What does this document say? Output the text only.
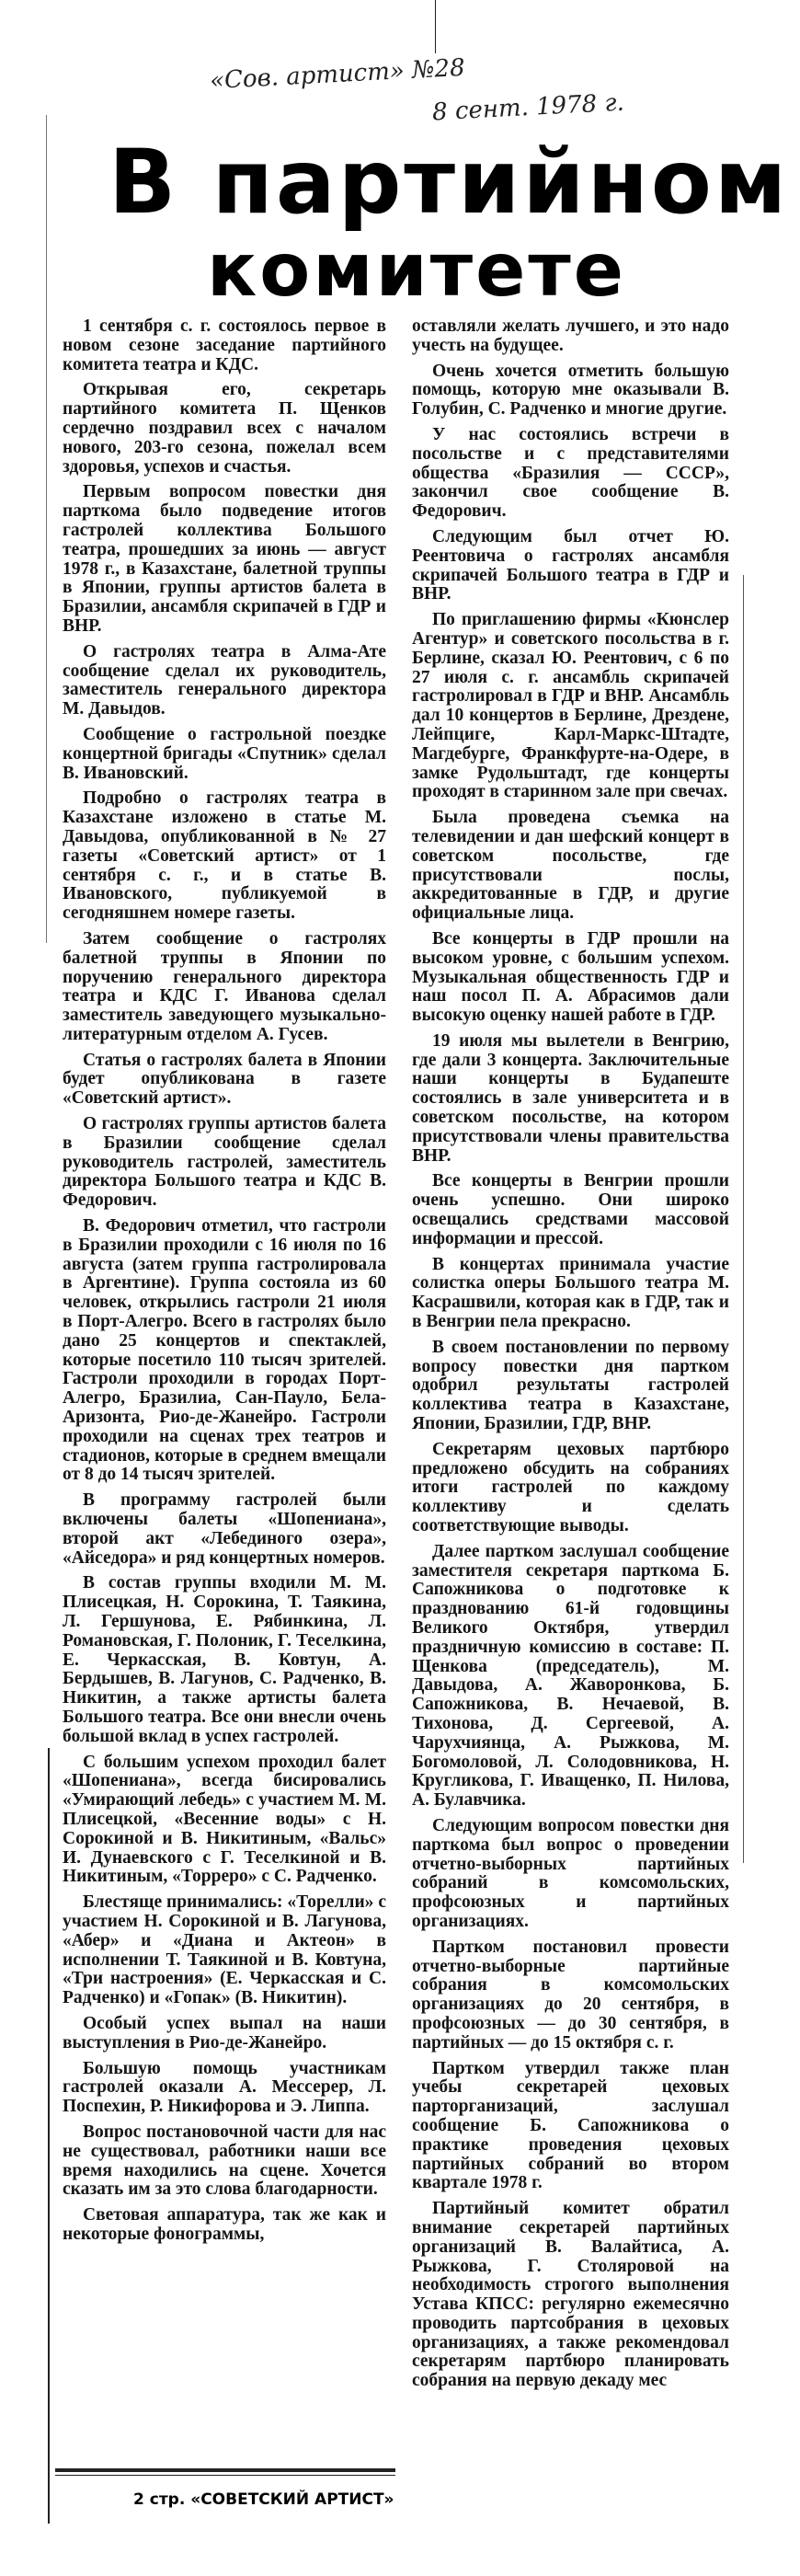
«Сов. артист» №28
8 сент. 1978 г.
В партийном
комитете

1 сентября с. г. состоялось первое в новом сезоне заседание партийного комитета театра и КДС.

Открывая его, секретарь партийного комитета П. Щенков сердечно поздравил всех с началом нового, 203-го сезона, пожелал всем здоровья, успехов и счастья.

Первым вопросом повестки дня парткома было подведение итогов гастролей коллектива Большого театра, прошедших за июнь — август 1978 г., в Казахстане, балетной труппы в Японии, группы артистов балета в Бразилии, ансамбля скрипачей в ГДР и ВНР.

О гастролях театра в Алма-Ате сообщение сделал их руководитель, заместитель генерального директора М. Давыдов.

Сообщение о гастрольной поездке концертной бригады «Спутник» сделал В. Ивановский.

Подробно о гастролях театра в Казахстане изложено в статье М. Давыдова, опубликованной в № 27 газеты «Советский артист» от 1 сентября с. г., и в статье В. Ивановского, публикуемой в сегодняшнем номере газеты.

Затем сообщение о гастролях балетной труппы в Японии по поручению генерального директора театра и КДС Г. Иванова сделал заместитель заведующего музыкально-литературным отделом А. Гусев.

Статья о гастролях балета в Японии будет опубликована в газете «Советский артист».

О гастролях группы артистов балета в Бразилии сообщение сделал руководитель гастролей, заместитель директора Большого театра и КДС В. Федорович.

В. Федорович отметил, что гастроли в Бразилии проходили с 16 июля по 16 августа (затем группа гастролировала в Аргентине). Группа состояла из 60 человек, открылись гастроли 21 июля в Порт-Алегро. Всего в гастролях было дано 25 концертов и спектаклей, которые посетило 110 тысяч зрителей. Гастроли проходили в городах Порт-Алегро, Бразилиа, Сан-Пауло, Бела-Аризонта, Рио-де-Жанейро. Гастроли проходили на сценах трех театров и стадионов, которые в среднем вмещали от 8 до 14 тысяч зрителей.

В программу гастролей были включены балеты «Шопениана», второй акт «Лебединого озера», «Айседора» и ряд концертных номеров.

В состав группы входили М. М. Плисецкая, Н. Сорокина, Т. Таякина, Л. Гершунова, Е. Рябинкина, Л. Романовская, Г. Полоник, Г. Теселкина, Е. Черкасская, В. Ковтун, А. Бердышев, В. Лагунов, С. Радченко, В. Никитин, а также артисты балета Большого театра. Все они внесли очень большой вклад в успех гастролей.

С большим успехом проходил балет «Шопениана», всегда бисировались «Умирающий лебедь» с участием М. М. Плисецкой, «Весенние воды» с Н. Сорокиной и В. Никитиным, «Вальс» И. Дунаевского с Г. Теселкиной и В. Никитиным, «Торреро» с С. Радченко.

Блестяще принимались: «Торелли» с участием Н. Сорокиной и В. Лагунова, «Абер» и «Диана и Актеон» в исполнении Т. Таякиной и В. Ковтуна, «Три настроения» (Е. Черкасская и С. Радченко) и «Гопак» (В. Никитин).

Особый успех выпал на наши выступления в Рио-де-Жанейро.

Большую помощь участникам гастролей оказали А. Мессерер, Л. Поспехин, Р. Никифорова и Э. Липпа.

Вопрос постановочной части для нас не существовал, работники наши все время находились на сцене. Хочется сказать им за это слова благодарности.

Световая аппаратура, так же как и некоторые фонограммы,

оставляли желать лучшего, и это надо учесть на будущее.

Очень хочется отметить большую помощь, которую мне оказывали В. Голубин, С. Радченко и многие другие.

У нас состоялись встречи в посольстве и с представителями общества «Бразилия — СССР», закончил свое сообщение В. Федорович.

Следующим был отчет Ю. Реентовича о гастролях ансамбля скрипачей Большого театра в ГДР и ВНР.

По приглашению фирмы «Кюнслер Агентур» и советского посольства в г. Берлине, сказал Ю. Реентович, с 6 по 27 июля с. г. ансамбль скрипачей гастролировал в ГДР и ВНР. Ансамбль дал 10 концертов в Берлине, Дрездене, Лейпциге, Карл-Маркс-Штадте, Магдебурге, Франкфурте-на-Одере, в замке Рудольштадт, где концерты проходят в старинном зале при свечах.

Была проведена съемка на телевидении и дан шефский концерт в советском посольстве, где присутствовали послы, аккредитованные в ГДР, и другие официальные лица.

Все концерты в ГДР прошли на высоком уровне, с большим успехом. Музыкальная общественность ГДР и наш посол П. А. Абрасимов дали высокую оценку нашей работе в ГДР.

19 июля мы вылетели в Венгрию, где дали 3 концерта. Заключительные наши концерты в Будапеште состоялись в зале университета и в советском посольстве, на котором присутствовали члены правительства ВНР.

Все концерты в Венгрии прошли очень успешно. Они широко освещались средствами массовой информации и прессой.

В концертах принимала участие солистка оперы Большого театра М. Касрашвили, которая как в ГДР, так и в Венгрии пела прекрасно.

В своем постановлении по первому вопросу повестки дня партком одобрил результаты гастролей коллектива театра в Казахстане, Японии, Бразилии, ГДР, ВНР.

Секретарям цеховых партбюро предложено обсудить на собраниях итоги гастролей по каждому коллективу и сделать соответствующие выводы.

Далее партком заслушал сообщение заместителя секретаря парткома Б. Сапожникова о подготовке к празднованию 61-й годовщины Великого Октября, утвердил праздничную комиссию в составе: П. Щенкова (председатель), М. Давыдова, А. Жаворонкова, Б. Сапожникова, В. Нечаевой, В. Тихонова, Д. Сергеевой, А. Чарухчиянца, А. Рыжкова, М. Богомоловой, Л. Солодовникова, Н. Кругликова, Г. Иващенко, П. Нилова, А. Булавчика.

Следующим вопросом повестки дня парткома был вопрос о проведении отчетно-выборных партийных собраний в комсомольских, профсоюзных и партийных организациях.

Партком постановил провести отчетно-выборные партийные собрания в комсомольских организациях до 20 сентября, в профсоюзных — до 30 сентября, в партийных — до 15 октября с. г.

Партком утвердил также план учебы секретарей цеховых парторганизаций, заслушал сообщение Б. Сапожникова о практике проведения цеховых партийных собраний во втором квартале 1978 г.

Партийный комитет обратил внимание секретарей партийных организаций В. Валайтиса, А. Рыжкова, Г. Столяровой на необходимость строгого выполнения Устава КПСС: регулярно ежемесячно проводить партсобрания в цеховых организациях, а также рекомендовал секретарям партбюро планировать собрания на первую декаду мес

2 стр. «СОВЕТСКИЙ АРТИСТ»
